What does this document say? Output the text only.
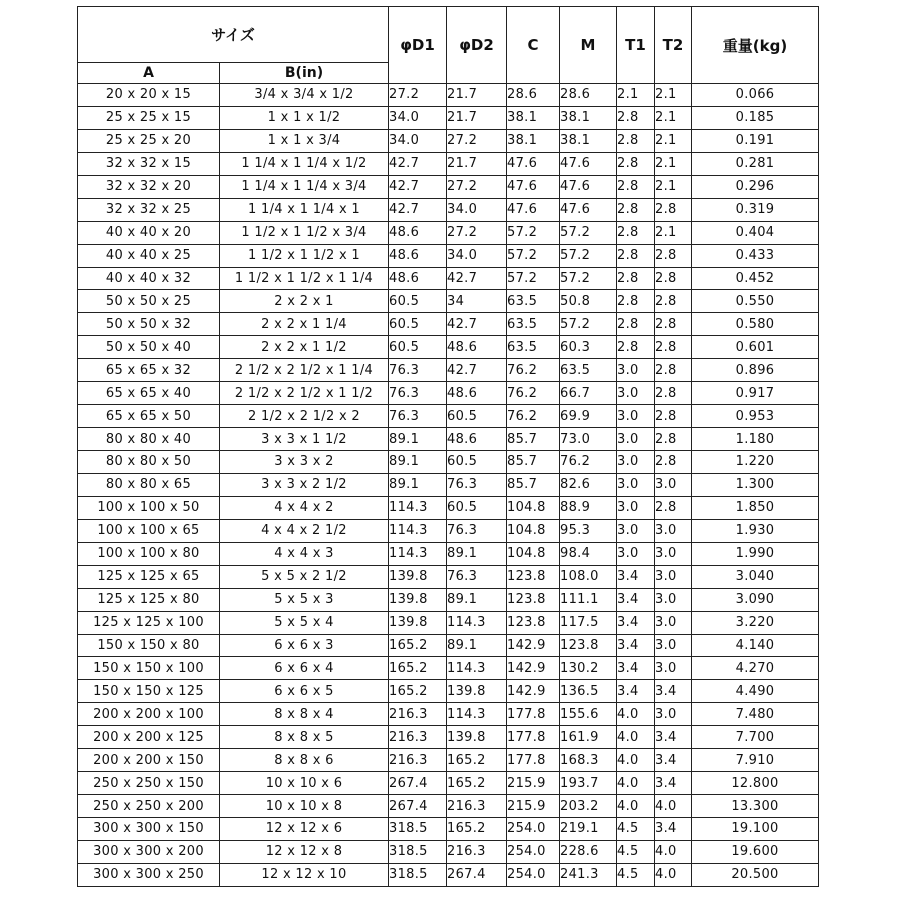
サイズ		φD1	φD2	C	M	T1	T2	重量(kg)
A	B(in)							
20 x 20 x 15	3/4 x 3/4 x 1/2	27.2	21.7	28.6	28.6	2.1	2.1	0.066
25 x 25 x 15	1 x 1 x 1/2	34.0	21.7	38.1	38.1	2.8	2.1	0.185
25 x 25 x 20	1 x 1 x 3/4	34.0	27.2	38.1	38.1	2.8	2.1	0.191
32 x 32 x 15	1 1/4 x 1 1/4 x 1/2	42.7	21.7	47.6	47.6	2.8	2.1	0.281
32 x 32 x 20	1 1/4 x 1 1/4 x 3/4	42.7	27.2	47.6	47.6	2.8	2.1	0.296
32 x 32 x 25	1 1/4 x 1 1/4 x 1	42.7	34.0	47.6	47.6	2.8	2.8	0.319
40 x 40 x 20	1 1/2 x 1 1/2 x 3/4	48.6	27.2	57.2	57.2	2.8	2.1	0.404
40 x 40 x 25	1 1/2 x 1 1/2 x 1	48.6	34.0	57.2	57.2	2.8	2.8	0.433
40 x 40 x 32	1 1/2 x 1 1/2 x 1 1/4	48.6	42.7	57.2	57.2	2.8	2.8	0.452
50 x 50 x 25	2 x 2 x 1	60.5	34	63.5	50.8	2.8	2.8	0.550
50 x 50 x 32	2 x 2 x 1 1/4	60.5	42.7	63.5	57.2	2.8	2.8	0.580
50 x 50 x 40	2 x 2 x 1 1/2	60.5	48.6	63.5	60.3	2.8	2.8	0.601
65 x 65 x 32	2 1/2 x 2 1/2 x 1 1/4	76.3	42.7	76.2	63.5	3.0	2.8	0.896
65 x 65 x 40	2 1/2 x 2 1/2 x 1 1/2	76.3	48.6	76.2	66.7	3.0	2.8	0.917
65 x 65 x 50	2 1/2 x 2 1/2 x 2	76.3	60.5	76.2	69.9	3.0	2.8	0.953
80 x 80 x 40	3 x 3 x 1 1/2	89.1	48.6	85.7	73.0	3.0	2.8	1.180
80 x 80 x 50	3 x 3 x 2	89.1	60.5	85.7	76.2	3.0	2.8	1.220
80 x 80 x 65	3 x 3 x 2 1/2	89.1	76.3	85.7	82.6	3.0	3.0	1.300
100 x 100 x 50	4 x 4 x 2	114.3	60.5	104.8	88.9	3.0	2.8	1.850
100 x 100 x 65	4 x 4 x 2 1/2	114.3	76.3	104.8	95.3	3.0	3.0	1.930
100 x 100 x 80	4 x 4 x 3	114.3	89.1	104.8	98.4	3.0	3.0	1.990
125 x 125 x 65	5 x 5 x 2 1/2	139.8	76.3	123.8	108.0	3.4	3.0	3.040
125 x 125 x 80	5 x 5 x 3	139.8	89.1	123.8	111.1	3.4	3.0	3.090
125 x 125 x 100	5 x 5 x 4	139.8	114.3	123.8	117.5	3.4	3.0	3.220
150 x 150 x 80	6 x 6 x 3	165.2	89.1	142.9	123.8	3.4	3.0	4.140
150 x 150 x 100	6 x 6 x 4	165.2	114.3	142.9	130.2	3.4	3.0	4.270
150 x 150 x 125	6 x 6 x 5	165.2	139.8	142.9	136.5	3.4	3.4	4.490
200 x 200 x 100	8 x 8 x 4	216.3	114.3	177.8	155.6	4.0	3.0	7.480
200 x 200 x 125	8 x 8 x 5	216.3	139.8	177.8	161.9	4.0	3.4	7.700
200 x 200 x 150	8 x 8 x 6	216.3	165.2	177.8	168.3	4.0	3.4	7.910
250 x 250 x 150	10 x 10 x 6	267.4	165.2	215.9	193.7	4.0	3.4	12.800
250 x 250 x 200	10 x 10 x 8	267.4	216.3	215.9	203.2	4.0	4.0	13.300
300 x 300 x 150	12 x 12 x 6	318.5	165.2	254.0	219.1	4.5	3.4	19.100
300 x 300 x 200	12 x 12 x 8	318.5	216.3	254.0	228.6	4.5	4.0	19.600
300 x 300 x 250	12 x 12 x 10	318.5	267.4	254.0	241.3	4.5	4.0	20.500
